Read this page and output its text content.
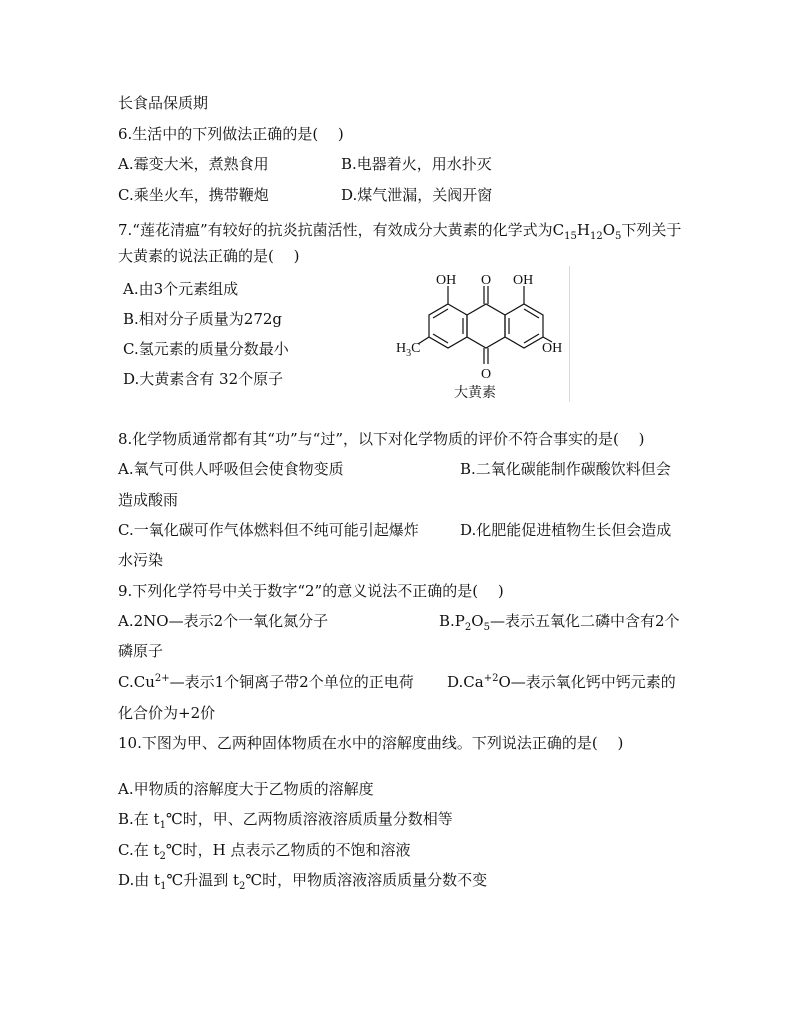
长食品保质期
6.生活中的下列做法正确的是(　 )
A.霉变大米，煮熟食用	B.电器着火，用水扑灭
C.乘坐火车，携带鞭炮	D.煤气泄漏，关阀开窗
7.“莲花清瘟”有较好的抗炎抗菌活性，有效成分大黄素的化学式为$C_{15}H_{12}O_5$下列关于
大黄素的说法正确的是(　 )
A.由3个元素组成
B.相对分子质量为272g
C.氢元素的质量分数最小
D.大黄素含有 32个原子
OH O OH
$H_3C$	OH
O
大黄素
8.化学物质通常都有其“功”与“过”，以下对化学物质的评价不符合事实的是(　 )
A.氧气可供人呼吸但会使食物变质	B.二氧化碳能制作碳酸饮料但会
造成酸雨
C.一氧化碳可作气体燃料但不纯可能引起爆炸	D.化肥能促进植物生长但会造成
水污染
9.下列化学符号中关于数字“2”的意义说法不正确的是(　 )
A.2NO—表示2个一氧化氮分子	$B.P_2O_5—$表示五氧化二磷中含有2个
磷原子
$C.Cu^{2+}—$表示1个铜离子带2个单位的正电荷 $D.Ca^{+2}O—$表示氧化钙中钙元素的
化合价为+2价
10.下图为甲、乙两种固体物质在水中的溶解度曲线。下列说法正确的是(　 )
A.甲物质的溶解度大于乙物质的溶解度
B.在 $t_1℃$时，甲、乙两物质溶液溶质质量分数相等
C.在 $t_2℃$时，H 点表示乙物质的不饱和溶液
D.由 $t_1℃$升温到 $t_2℃$时，甲物质溶液溶质质量分数不变
